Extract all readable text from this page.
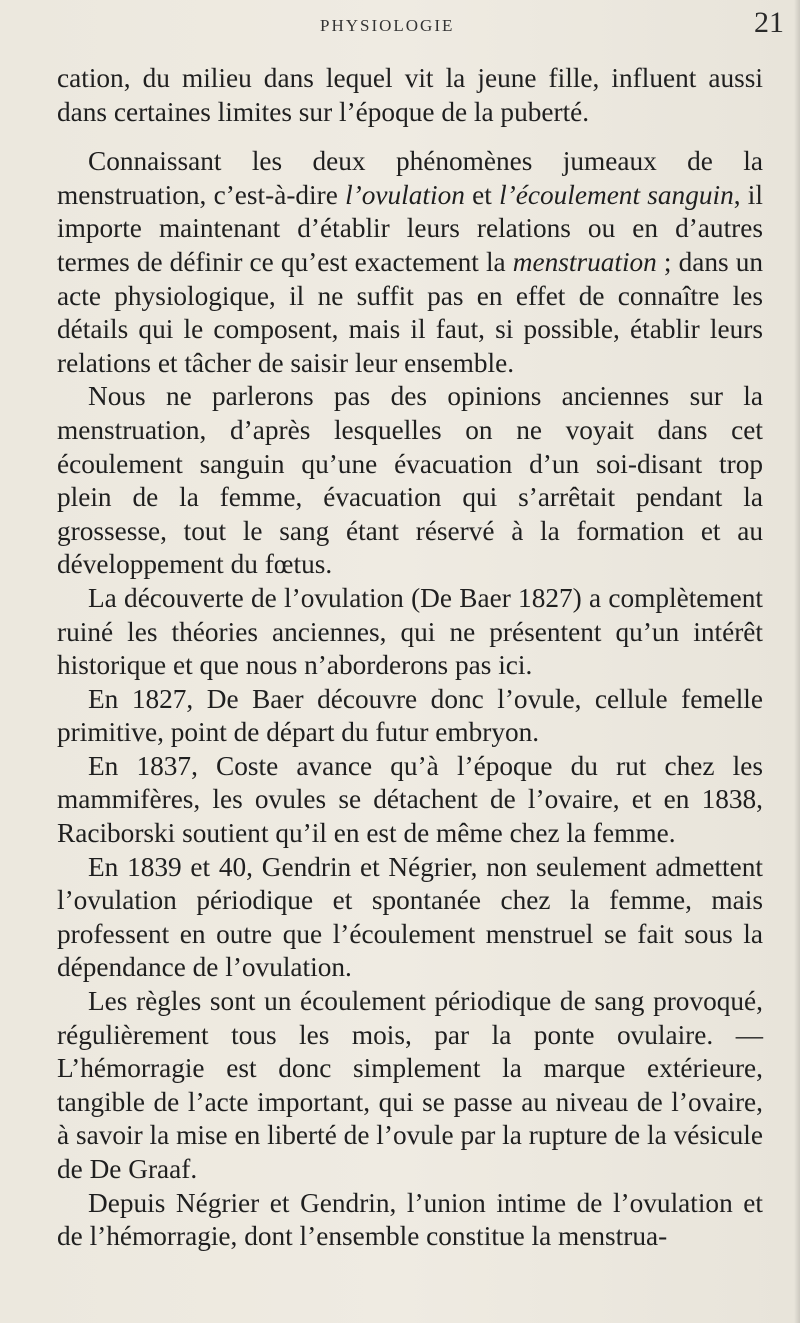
PHYSIOLOGIE	21

cation, du milieu dans lequel vit la jeune fille, influent aussi dans certaines limites sur l’époque de la puberté.

Connaissant les deux phénomènes jumeaux de la menstruation, c’est-à-dire l’ovulation et l’écoulement sanguin, il importe maintenant d’établir leurs relations ou en d’autres termes de définir ce qu’est exactement la menstruation ; dans un acte physiologique, il ne suffit pas en effet de connaître les détails qui le composent, mais il faut, si possible, établir leurs relations et tâcher de saisir leur ensemble.

Nous ne parlerons pas des opinions anciennes sur la menstruation, d’après lesquelles on ne voyait dans cet écoulement sanguin qu’une évacuation d’un soi-disant trop plein de la femme, évacuation qui s’arrêtait pendant la grossesse, tout le sang étant réservé à la formation et au développement du fœtus.

La découverte de l’ovulation (De Baer 1827) a complètement ruiné les théories anciennes, qui ne présentent qu’un intérêt historique et que nous n’aborderons pas ici.

En 1827, De Baer découvre donc l’ovule, cellule femelle primitive, point de départ du futur embryon.

En 1837, Coste avance qu’à l’époque du rut chez les mammifères, les ovules se détachent de l’ovaire, et en 1838, Raciborski soutient qu’il en est de même chez la femme.

En 1839 et 40, Gendrin et Négrier, non seulement admettent l’ovulation périodique et spontanée chez la femme, mais professent en outre que l’écoulement menstruel se fait sous la dépendance de l’ovulation.

Les règles sont un écoulement périodique de sang provoqué, régulièrement tous les mois, par la ponte ovulaire. — L’hémorragie est donc simplement la marque extérieure, tangible de l’acte important, qui se passe au niveau de l’ovaire, à savoir la mise en liberté de l’ovule par la rupture de la vésicule de De Graaf.

Depuis Négrier et Gendrin, l’union intime de l’ovulation et de l’hémorragie, dont l’ensemble constitue la menstrua-
